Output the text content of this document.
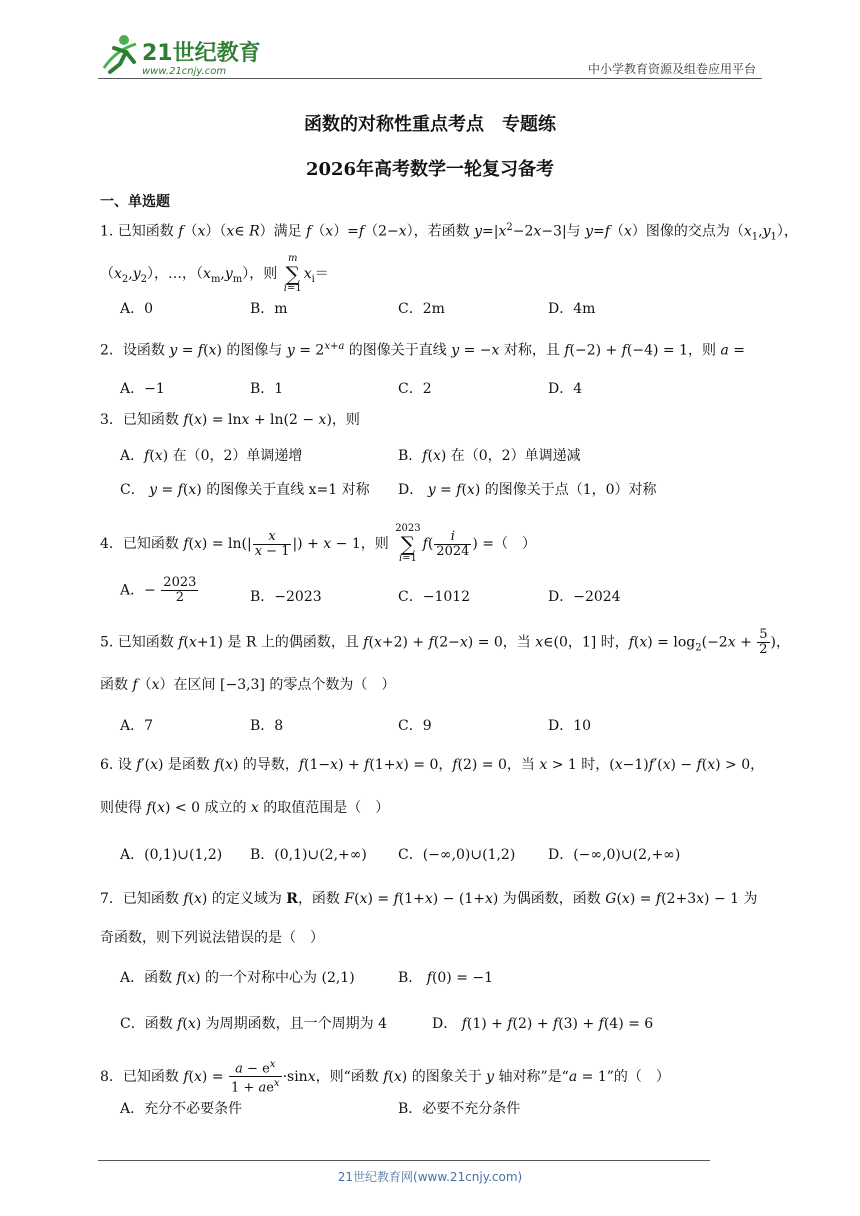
21世纪教育
www.21cnjy.com	中小学教育资源及组卷应用平台
函数的对称性重点考点　专题练
2026年高考数学一轮复习备考
一、单选题
1. 已知函数 f（x）（x∈ R）满足 f（x）=f（2−x），若函数 $y=|x^2-2x-3|$与 y=f（x）图像的交点为$(x_1,y_1)$，
$(x_2,y_2)$，…，$(x_m,y_m)$，则 m
∑
$i=1x_i=$
A．0	B．m	C．2m	D．4m
2．设函数 y = f(x) 的图像与 $y = 2^{x+a}$ 的图像关于直线 y = −x 对称，且 f(−2) + f(−4) = 1，则 a =
A．−1	B．1	C．2	D．4
3．已知函数 f(x) = lnx + ln(2 − x)，则
A．f(x) 在（0，2）单调递增	B．f(x) 在（0，2）单调递减
C． y = f(x) 的图像关于直线 x=1 对称 D． y = f(x) 的图像关于点（1，0）对称
4．已知函数 $f(x) = \ln(| \frac{x}{x - 1}$ |) + x − 1，则 2023
∑
$i=1f( \frac{i}{2024}$ ) =（　）
A．− $\frac{2023}{2}$	B．−2023	C．−1012	D．−2024
5. 已知函数 f(x+1) 是 R 上的偶函数，且 f(x+2) + f(2−x) = 0，当 x∈(0，1] 时，$f(x) = \log_2(-2x + \frac{5}{2}$ )，
函数 f（x）在区间 [−3,3] 的零点个数为（　）
A．7	B．8	C．9	D．10
6. 设 f′(x) 是函数 f(x) 的导数，f(1−x) + f(1+x) = 0，f(2) = 0，当 x > 1 时，(x−1)f′(x) − f(x) > 0，
则使得 f(x) < 0 成立的 x 的取值范围是（　）
A．(0,1)∪(1,2) B．(0,1)∪(2,+∞) C．(−∞,0)∪(1,2) D．(−∞,0)∪(2,+∞)
7．已知函数 f(x) 的定义域为 R，函数 F(x) = f(1+x) − (1+x) 为偶函数，函数 G(x) = f(2+3x) − 1 为
奇函数，则下列说法错误的是（　）
A．函数 f(x) 的一个对称中心为 (2,1)	B． f(0) = −1
C．函数 f(x) 为周期函数，且一个周期为 4	D． f(1) + f(2) + f(3) + f(4) = 6
8．已知函数 $f(x) = \frac{a - e^x}{1 + ae^x} \cdot\sin x$，则“函数 f(x) 的图象关于 y 轴对称”是“a = 1”的（　）
A．充分不必要条件	B．必要不充分条件
21世纪教育网(www.21cnjy.com)
